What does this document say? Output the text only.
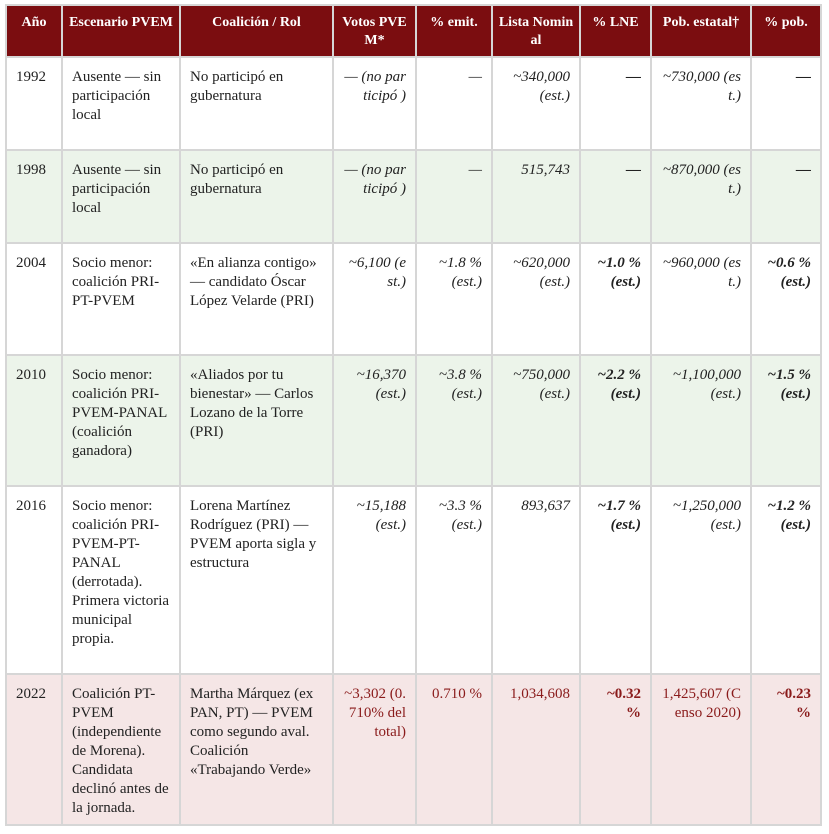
Año	Escenario PVEM	Coalición / Rol	Votos PVEM*	% emit.	Lista Nominal	% LNE	Pob. estatal†	% pob.
1992	Ausente — sin participación local	No participó en gubernatura	— (no participó )	—	~340,000 (est.)	—	~730,000 (est.)	—
1998	Ausente — sin participación local	No participó en gubernatura	— (no participó )	—	515,743	—	~870,000 (est.)	—
2004	Socio menor: coalición PRI-PT-PVEM	«En alianza contigo» — candidato Óscar López Velarde (PRI)	~6,100 (est.)	~1.8 % (est.)	~620,000 (est.)	~1.0 % (est.)	~960,000 (est.)	~0.6 % (est.)
2010	Socio menor: coalición PRI-PVEM-PANAL (coalición ganadora)	«Aliados por tu bienestar» — Carlos Lozano de la Torre (PRI)	~16,370 (est.)	~3.8 % (est.)	~750,000 (est.)	~2.2 % (est.)	~1,100,000 (est.)	~1.5 % (est.)
2016	Socio menor: coalición PRI-PVEM-PT-PANAL (derrotada). Primera victoria municipal propia.	Lorena Martínez Rodríguez (PRI) — PVEM aporta sigla y estructura	~15,188 (est.)	~3.3 % (est.)	893,637	~1.7 % (est.)	~1,250,000 (est.)	~1.2 % (est.)
2022	Coalición PT-PVEM (independiente de Morena). Candidata declinó antes de la jornada.	Martha Márquez (ex PAN, PT) — PVEM como segundo aval. Coalición «Trabajando Verde»	~3,302 (0.710% del total)	0.710 %	1,034,608	~0.32 %	1,425,607 (Censo 2020)	~0.23 %
